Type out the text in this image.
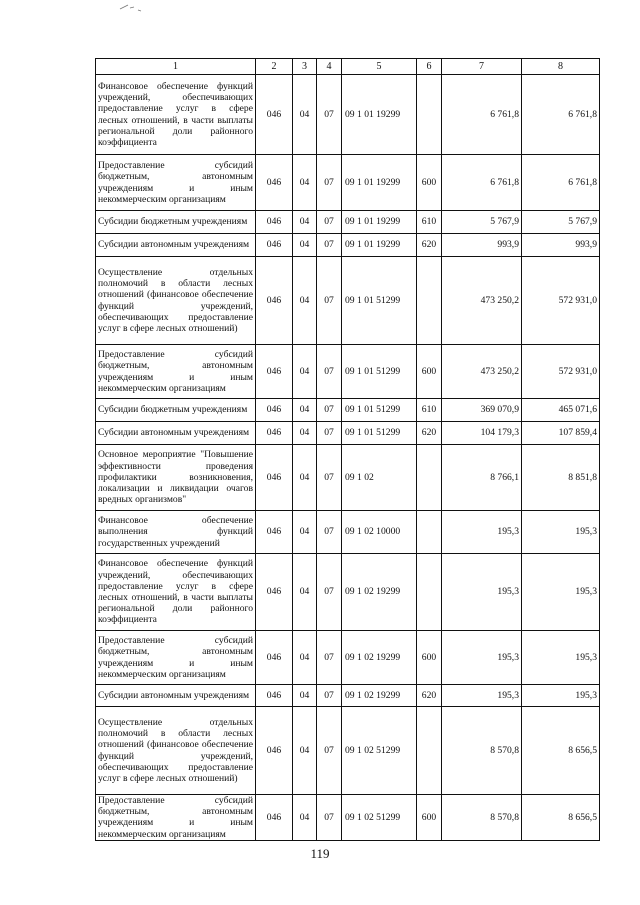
1	2	3	4	5	6	7	8
Финансовое обеспечение функций учреждений, обеспечивающих предоставление услуг в сфере лесных отношений, в части выплаты региональной доли районного коэффициента	046	04	07	09 1 01 19299		6 761,8	6 761,8
Предоставление субсидий бюджетным, автономным учреждениям и иным некоммерческим организациям	046	04	07	09 1 01 19299	600	6 761,8	6 761,8
Субсидии бюджетным учреждениям	046	04	07	09 1 01 19299	610	5 767,9	5 767,9
Субсидии автономным учреждениям	046	04	07	09 1 01 19299	620	993,9	993,9
Осуществление отдельных полномочий в области лесных отношений (финансовое обеспечение функций учреждений, обеспечивающих предоставление услуг в сфере лесных отношений)	046	04	07	09 1 01 51299		473 250,2	572 931,0
Предоставление субсидий бюджетным, автономным учреждениям и иным некоммерческим организациям	046	04	07	09 1 01 51299	600	473 250,2	572 931,0
Субсидии бюджетным учреждениям	046	04	07	09 1 01 51299	610	369 070,9	465 071,6
Субсидии автономным учреждениям	046	04	07	09 1 01 51299	620	104 179,3	107 859,4
Основное мероприятие "Повышение эффективности проведения профилактики возникновения, локализации и ликвидации очагов вредных организмов"	046	04	07	09 1 02		8 766,1	8 851,8
Финансовое обеспечение выполнения функций государственных учреждений	046	04	07	09 1 02 10000		195,3	195,3
Финансовое обеспечение функций учреждений, обеспечивающих предоставление услуг в сфере лесных отношений, в части выплаты региональной доли районного коэффициента	046	04	07	09 1 02 19299		195,3	195,3
Предоставление субсидий бюджетным, автономным учреждениям и иным некоммерческим организациям	046	04	07	09 1 02 19299	600	195,3	195,3
Субсидии автономным учреждениям	046	04	07	09 1 02 19299	620	195,3	195,3
Осуществление отдельных полномочий в области лесных отношений (финансовое обеспечение функций учреждений, обеспечивающих предоставление услуг в сфере лесных отношений)	046	04	07	09 1 02 51299		8 570,8	8 656,5
Предоставление субсидий бюджетным, автономным учреждениям и иным некоммерческим организациям	046	04	07	09 1 02 51299	600	8 570,8	8 656,5
119
